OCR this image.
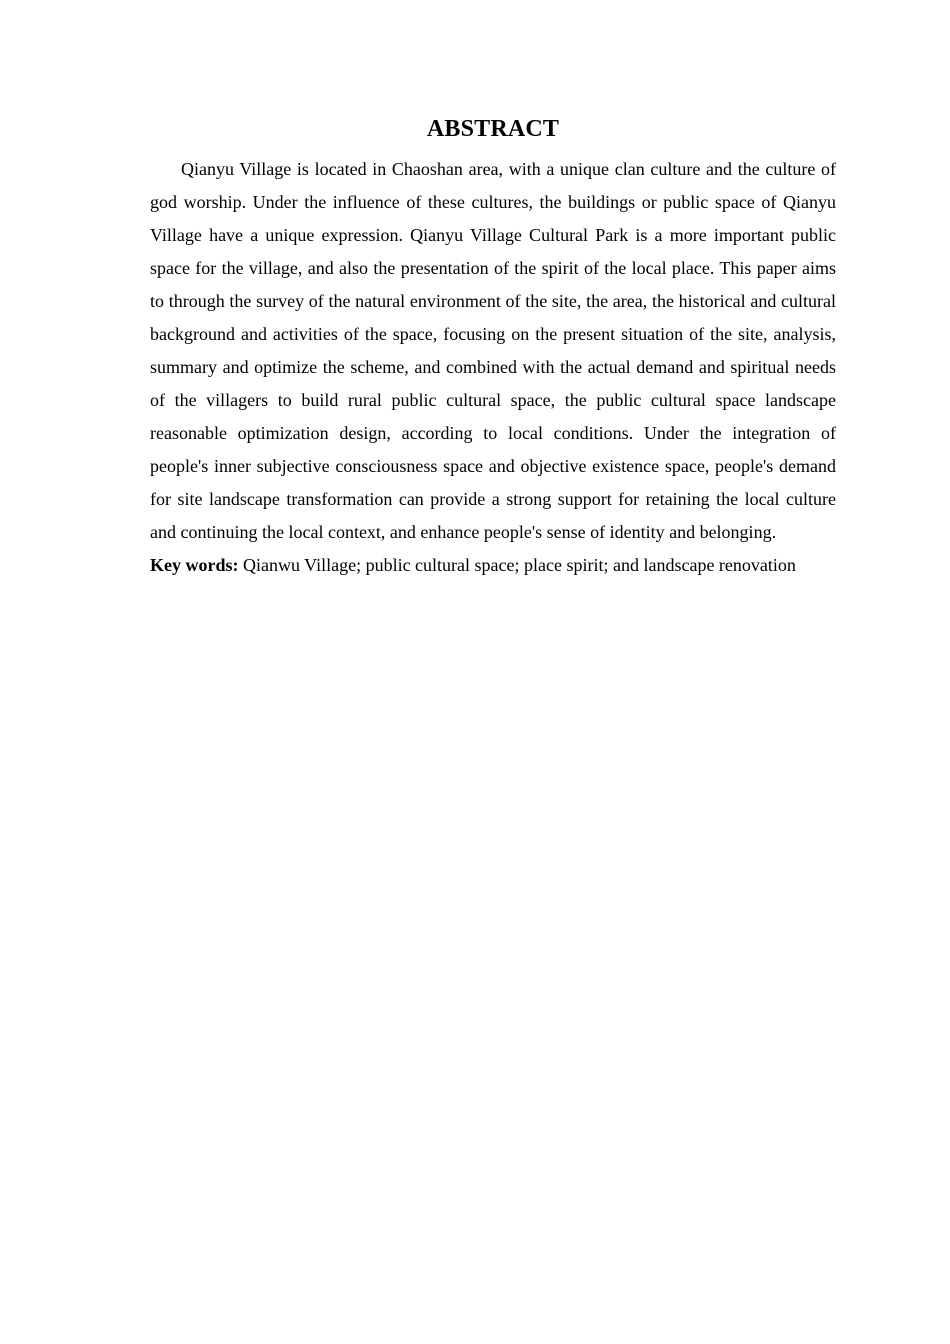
ABSTRACT

Qianyu Village is located in Chaoshan area, with a unique clan culture and the culture of god worship. Under the influence of these cultures, the buildings or public space of Qianyu Village have a unique expression. Qianyu Village Cultural Park is a more important public space for the village, and also the presentation of the spirit of the local place. This paper aims to through the survey of the natural environment of the site, the area, the historical and cultural background and activities of the space, focusing on the present situation of the site, analysis, summary and optimize the scheme, and combined with the actual demand and spiritual needs of the villagers to build rural public cultural space, the public cultural space landscape reasonable optimization design, according to local conditions. Under the integration of people's inner subjective consciousness space and objective existence space, people's demand for site landscape transformation can provide a strong support for retaining the local culture and continuing the local context, and enhance people's sense of identity and belonging.

Key words: Qianwu Village; public cultural space; place spirit; and landscape renovation
